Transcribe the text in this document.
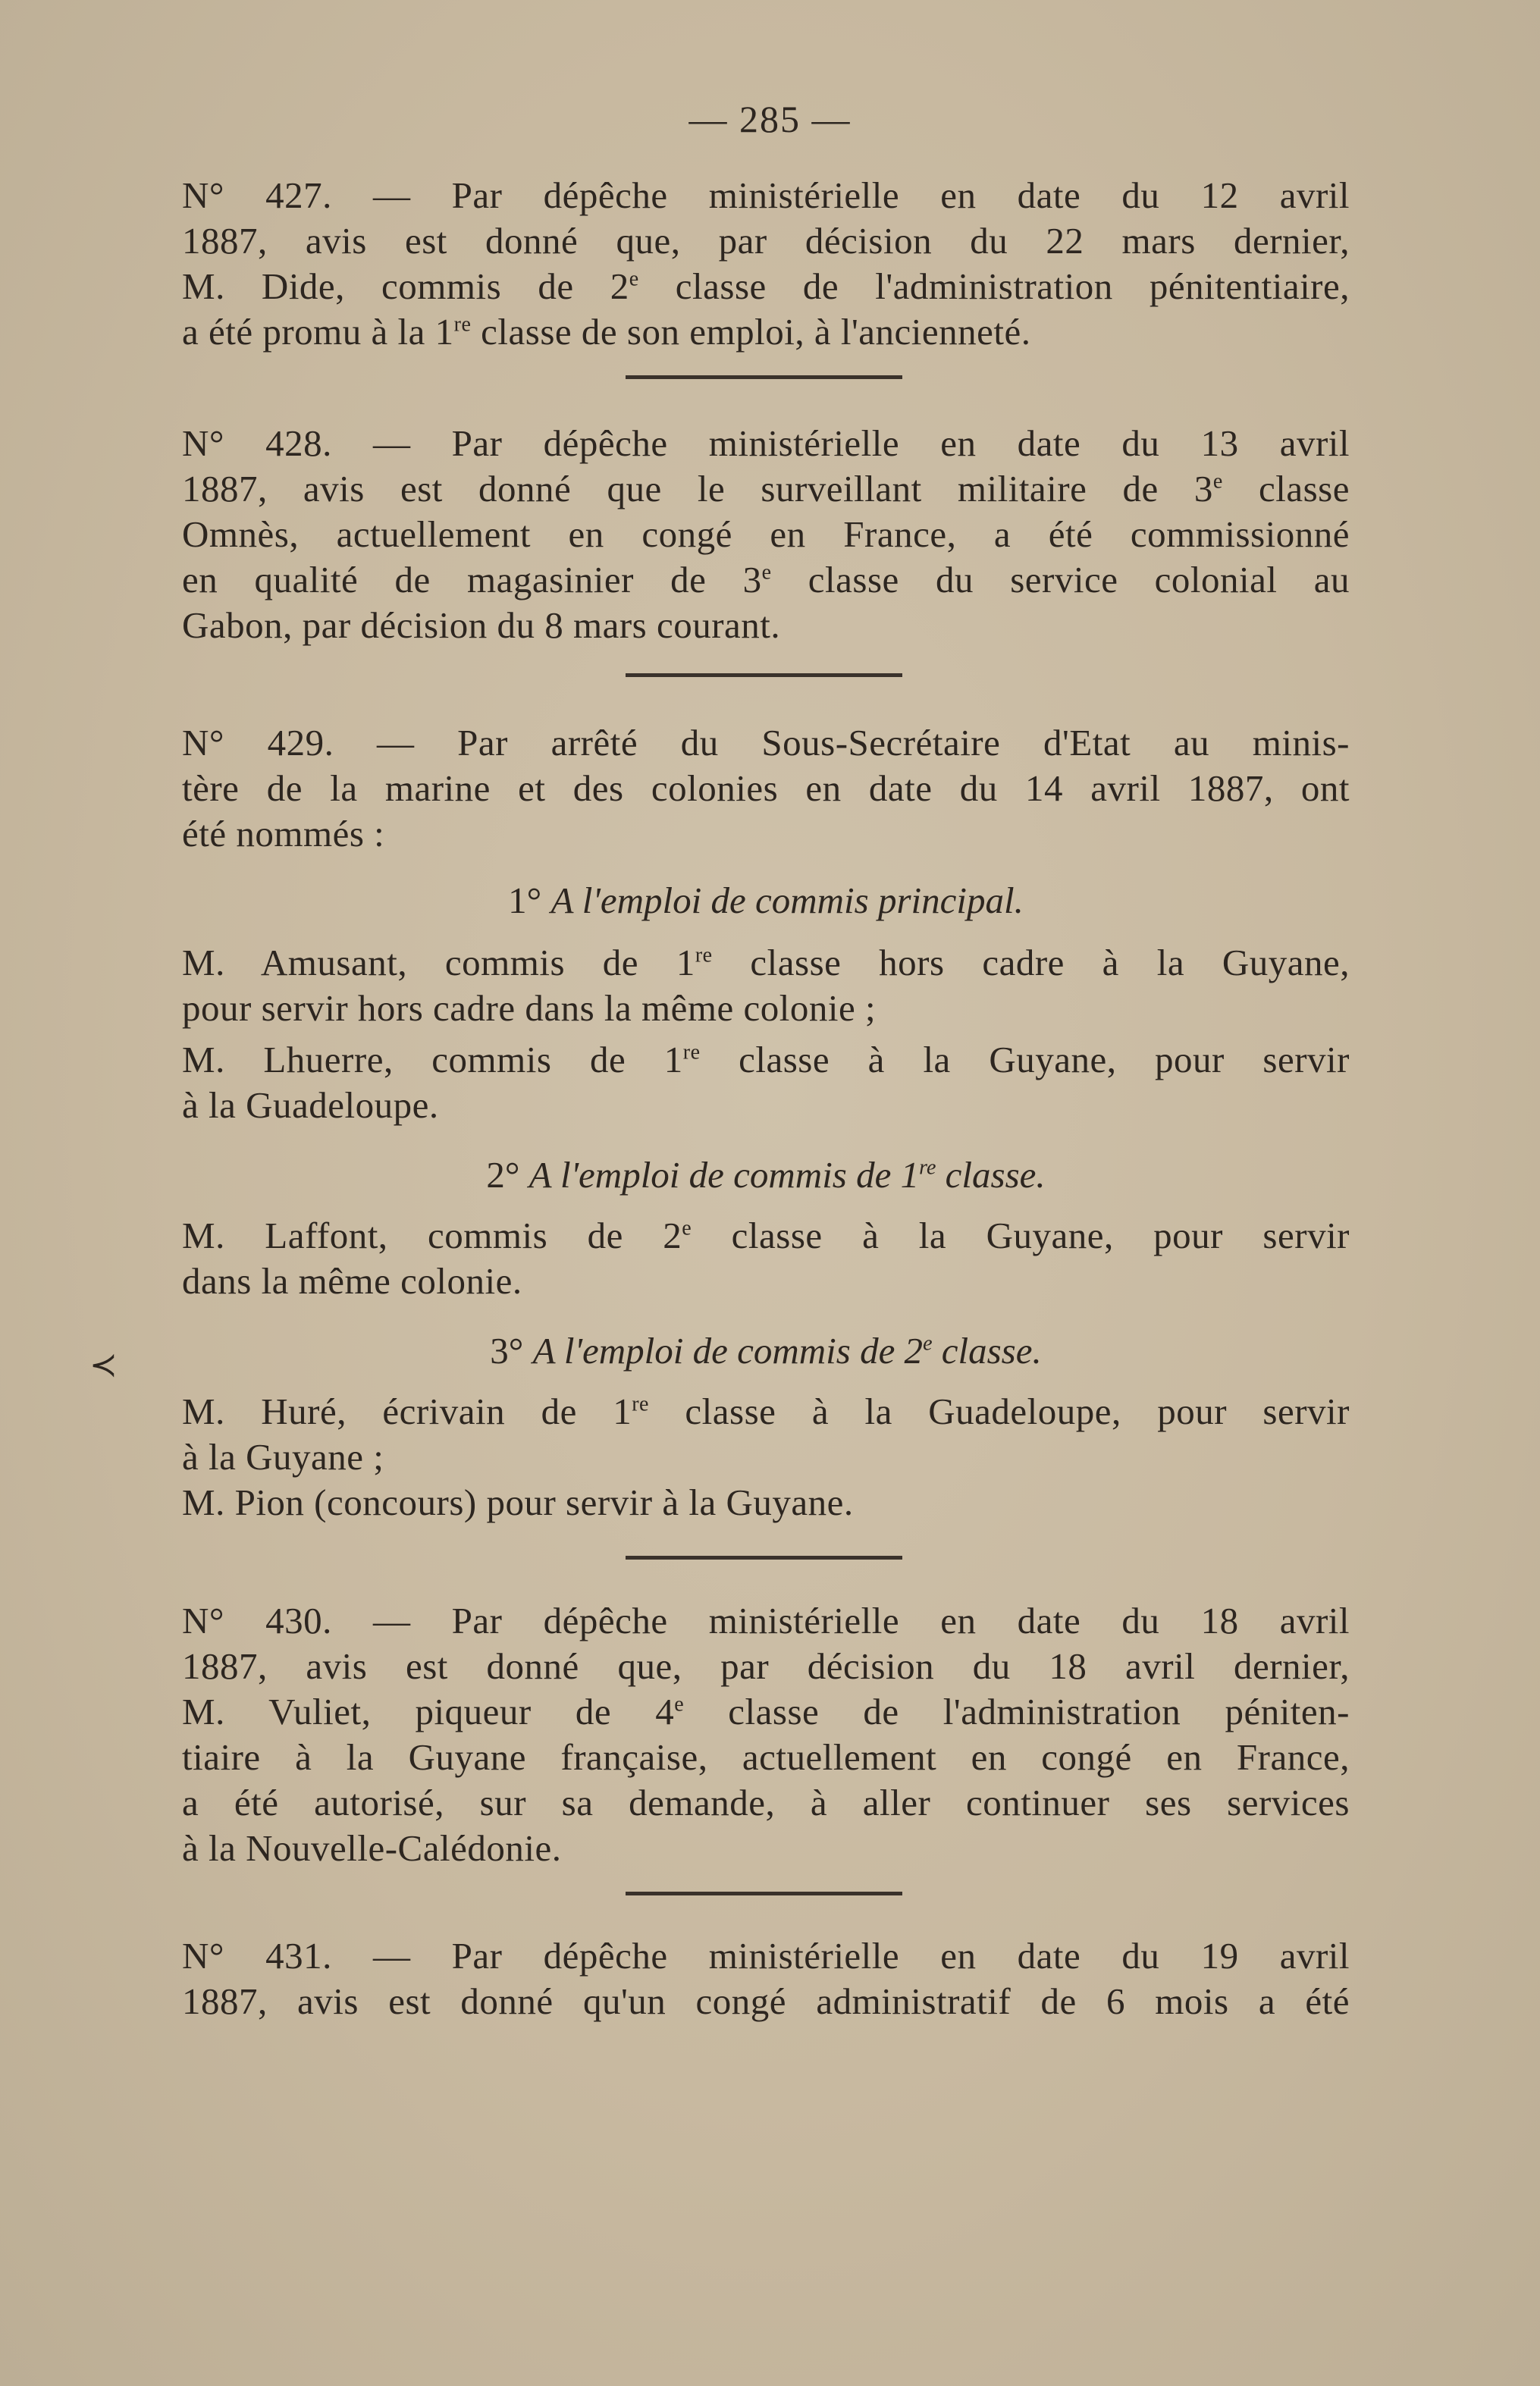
— 285 —
≺
N° 427. — Par dépêche ministérielle en date du 12 avril
1887, avis est donné que, par décision du 22 mars dernier,
M. Dide, commis de 2e classe de l'administration pénitentiaire,
a été promu à la 1re classe de son emploi, à l'ancienneté.
N° 428. — Par dépêche ministérielle en date du 13 avril
1887, avis est donné que le surveillant militaire de 3e classe
Omnès, actuellement en congé en France, a été commissionné
en qualité de magasinier de 3e classe du service colonial au
Gabon, par décision du 8 mars courant.
N° 429. — Par arrêté du Sous-Secrétaire d'Etat au minis-
tère de la marine et des colonies en date du 14 avril 1887, ont
été nommés :
1° A l'emploi de commis principal.
M. Amusant, commis de 1re classe hors cadre à la Guyane,
pour servir hors cadre dans la même colonie ;
M. Lhuerre, commis de 1re classe à la Guyane, pour servir
à la Guadeloupe.
2° A l'emploi de commis de 1re classe.
M. Laffont, commis de 2e classe à la Guyane, pour servir
dans la même colonie.
3° A l'emploi de commis de 2e classe.
M. Huré, écrivain de 1re classe à la Guadeloupe, pour servir
à la Guyane ;
M. Pion (concours) pour servir à la Guyane.
N° 430. — Par dépêche ministérielle en date du 18 avril
1887, avis est donné que, par décision du 18 avril dernier,
M. Vuliet, piqueur de 4e classe de l'administration péniten-
tiaire à la Guyane française, actuellement en congé en France,
a été autorisé, sur sa demande, à aller continuer ses services
à la Nouvelle-Calédonie.
N° 431. — Par dépêche ministérielle en date du 19 avril
1887, avis est donné qu'un congé administratif de 6 mois a été
